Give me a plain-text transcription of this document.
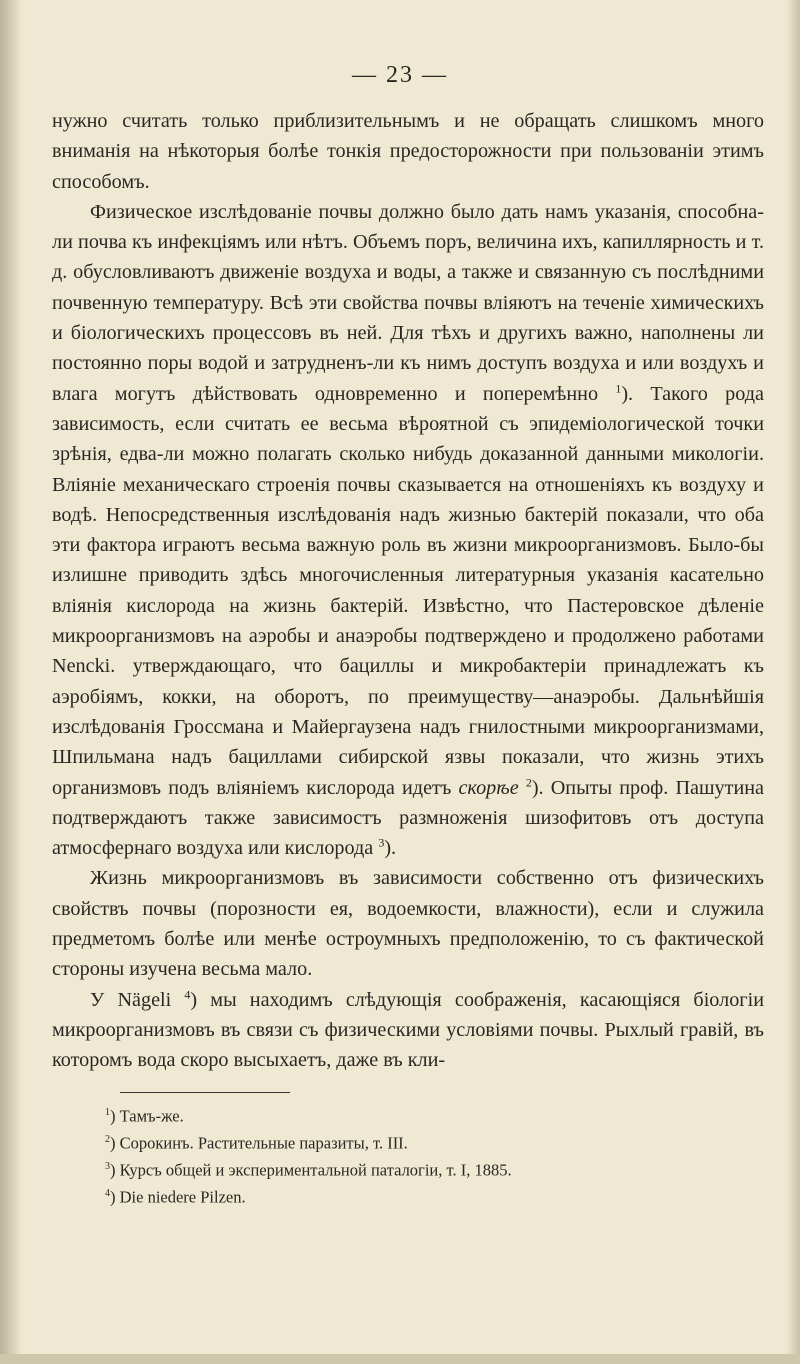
— 23 —

нужно считать только приблизительнымъ и не обращать слишкомъ много вниманія на нѣкоторыя болѣе тонкія предосторожности при пользованіи этимъ способомъ.

Физическое изслѣдованіе почвы должно было дать намъ указанія, способна-ли почва къ инфекціямъ или нѣтъ. Объемъ поръ, величина ихъ, капиллярность и т. д. обусловливаютъ движеніе воздуха и воды, а также и связанную съ послѣдними почвенную температуру. Всѣ эти свойства почвы вліяютъ на теченіе химическихъ и біологическихъ процессовъ въ ней. Для тѣхъ и другихъ важно, наполнены ли постоянно поры водой и затрудненъ-ли къ нимъ доступъ воздуха и или воздухъ и влага могутъ дѣйствовать одновременно и поперемѣнно $^1$). Такого рода зависимость, если считать ее весьма вѣроятной съ эпидеміологической точки зрѣнія, едва-ли можно полагать сколько нибудь доказанной данными микологіи. Вліяніе механическаго строенія почвы сказывается на отношеніяхъ къ воздуху и водѣ. Непосредственныя изслѣдованія надъ жизнью бактерій показали, что оба эти фактора играютъ весьма важную роль въ жизни микроорганизмовъ. Было-бы излишне приводить здѣсь многочисленныя литературныя указанія касательно вліянія кислорода на жизнь бактерій. Извѣстно, что Пастеровское дѣленіе микроорганизмовъ на аэробы и анаэробы подтверждено и продолжено работами Nencki. утверждающаго, что бациллы и микробактеріи принадлежатъ къ аэробіямъ, кокки, на оборотъ, по преимуществу—анаэробы. Дальнѣйшія изслѣдованія Гроссмана и Майергаузена надъ гнилостными микроорганизмами, Шпильмана надъ бациллами сибирской язвы показали, что жизнь этихъ организмовъ подъ вліяніемъ кислорода идетъ скорѣе $^2$). Опыты проф. Пашутина подтверждаютъ также зависимостъ размноженія шизофитовъ отъ доступа атмосфернаго воздуха или кислорода $^3$).

Жизнь микроорганизмовъ въ зависимости собственно отъ физическихъ свойствъ почвы (порозности ея, водоемкости, влажности), если и служила предметомъ болѣе или менѣе остроумныхъ предположенію, то съ фактической стороны изучена весьма мало.

У Nägeli $^4$) мы находимъ слѣдующія соображенія, касающіяся біологіи микроорганизмовъ въ связи съ физическими условіями почвы. Рыхлый гравій, въ которомъ вода скоро высыхаетъ, даже въ кли-

$^1$) Тамъ-же.
$^2$) Сорокинъ. Растительные паразиты, т. III.
$^3$) Курсъ общей и экспериментальной паталогіи, т. I, 1885.
$^4$) Die niedere Pilzen.
